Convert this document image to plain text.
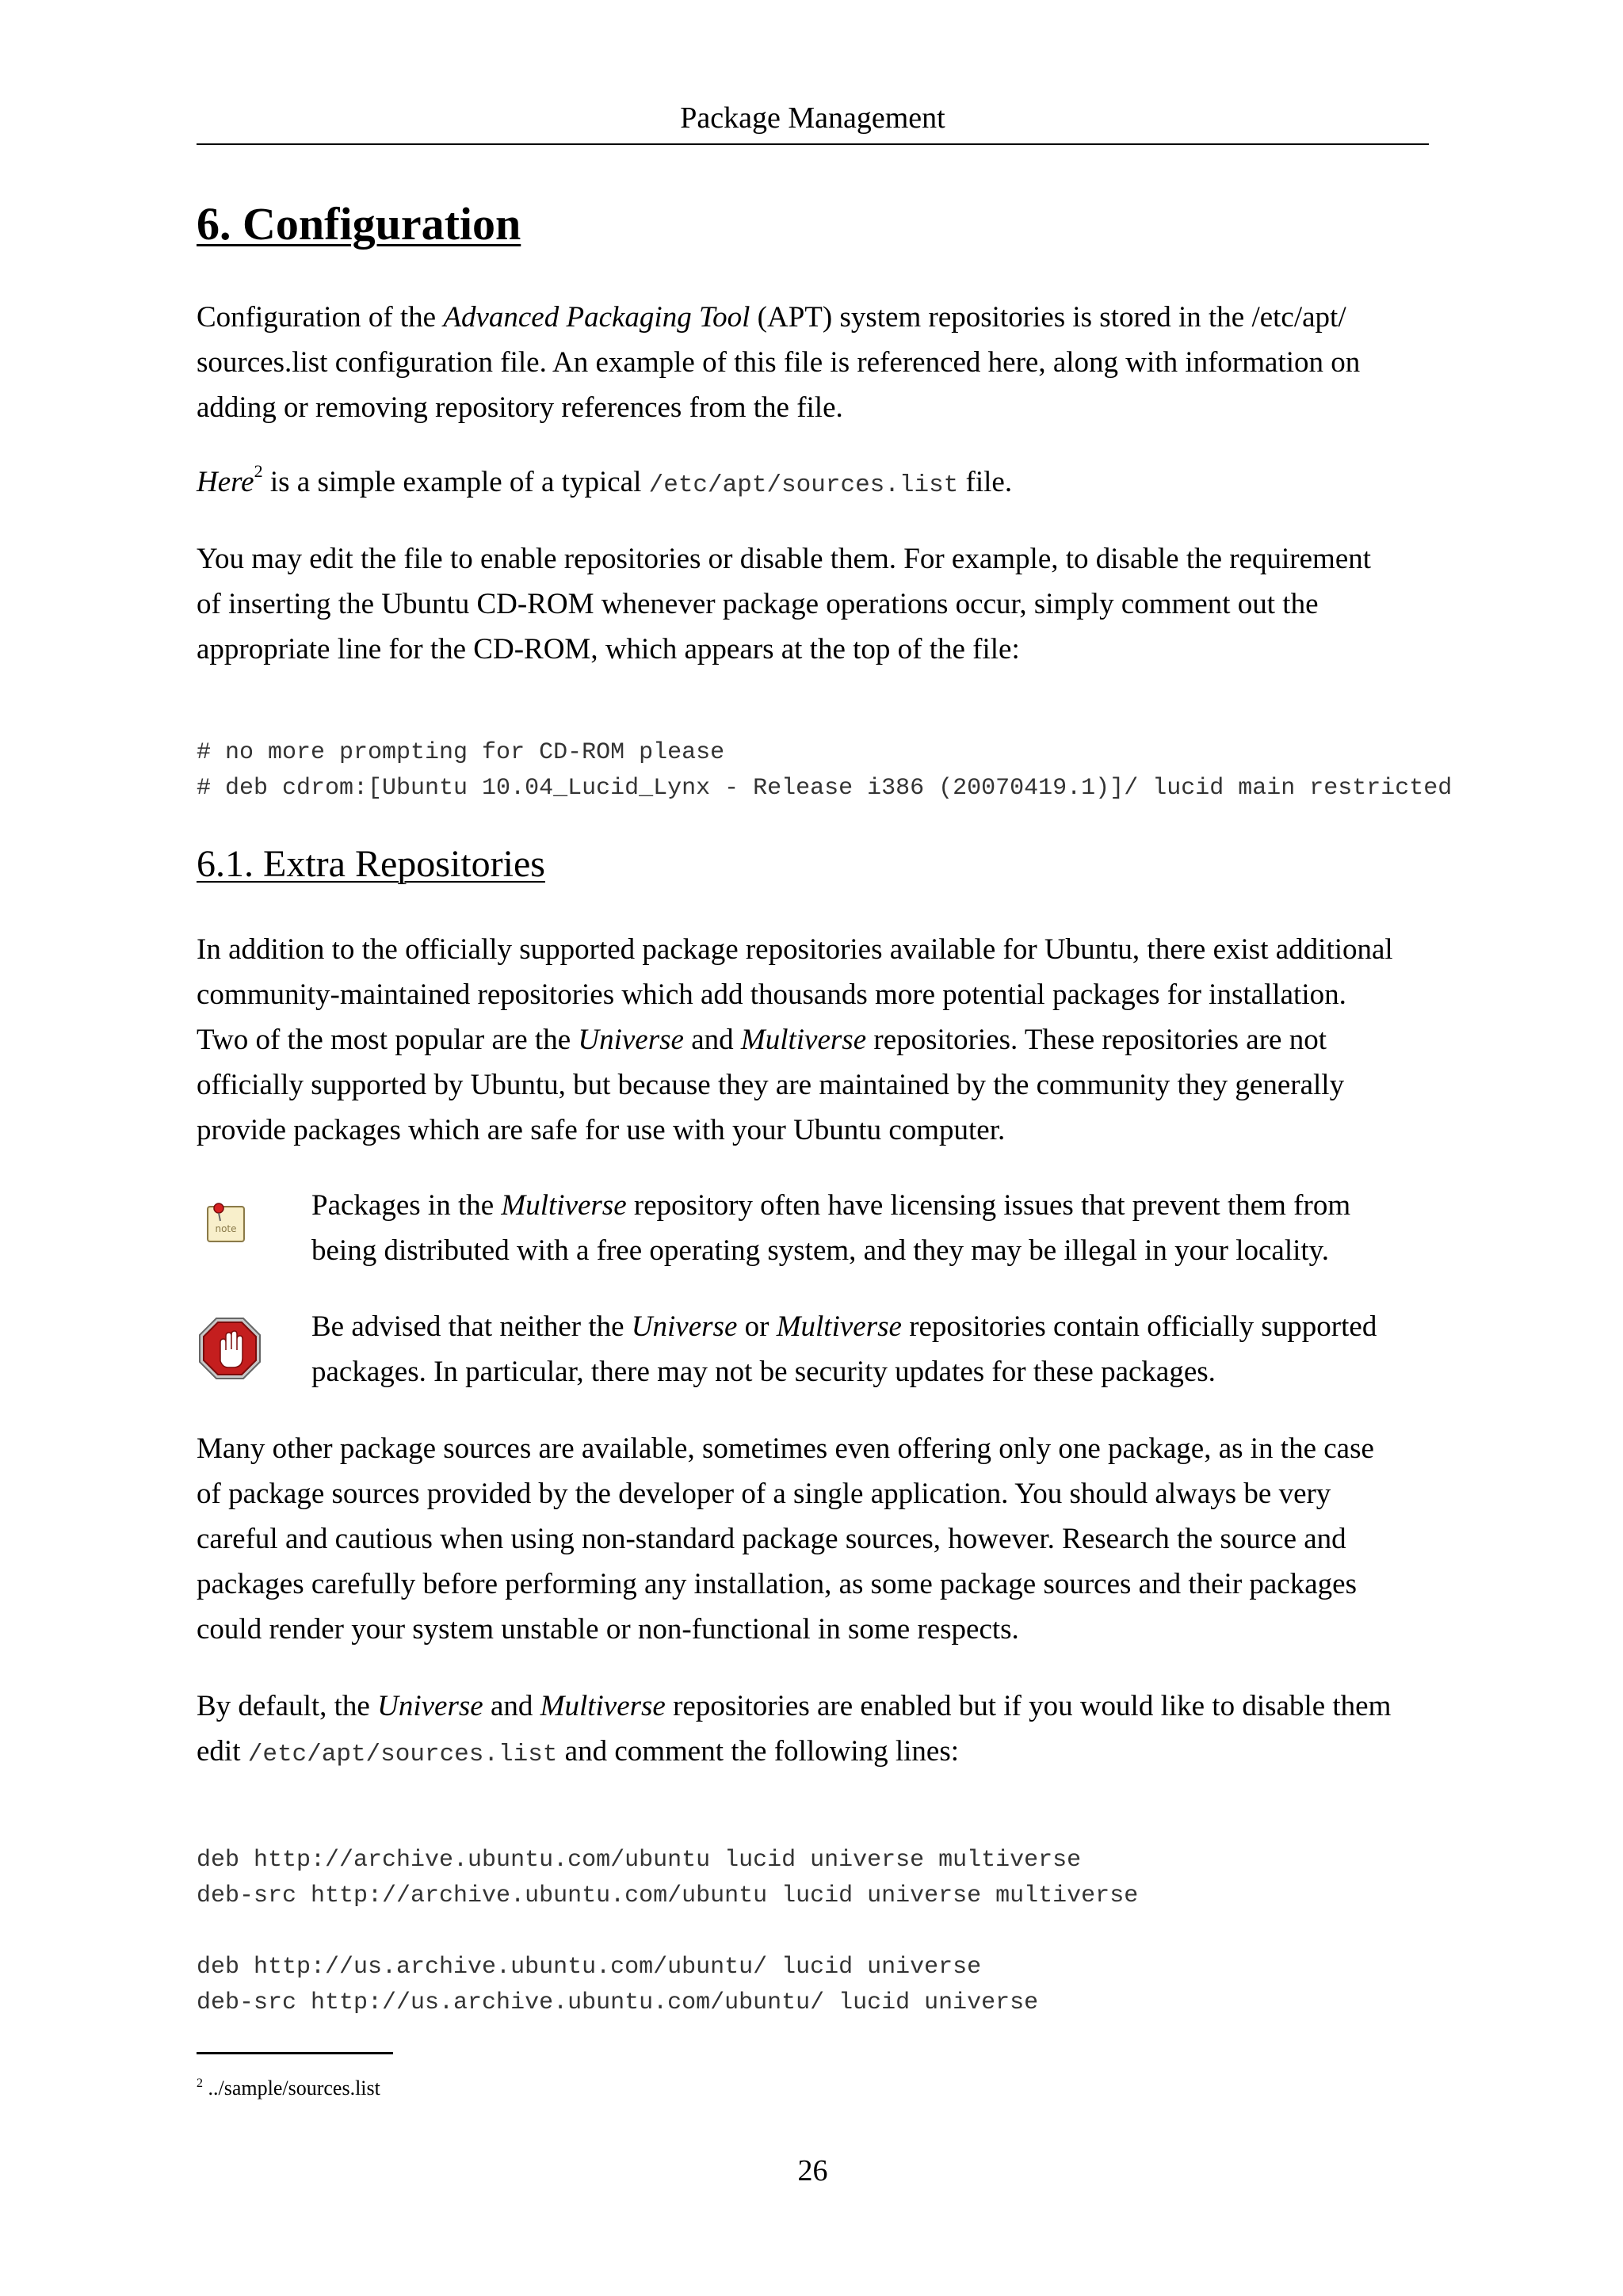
Package Management
6. Configuration

Configuration of the Advanced Packaging Tool (APT) system repositories is stored in the /etc/apt/
sources.list configuration file. An example of this file is referenced here, along with information on
adding or removing repository references from the file.

Here$^2$ is a simple example of a typical /etc/apt/sources.list file.

You may edit the file to enable repositories or disable them. For example, to disable the requirement
of inserting the Ubuntu CD-ROM whenever package operations occur, simply comment out the
appropriate line for the CD-ROM, which appears at the top of the file:

# no more prompting for CD-ROM please
# deb cdrom:[Ubuntu 10.04_Lucid_Lynx - Release i386 (20070419.1)]/ lucid main restricted
6.1. Extra Repositories

In addition to the officially supported package repositories available for Ubuntu, there exist additional
community-maintained repositories which add thousands more potential packages for installation.
Two of the most popular are the Universe and Multiverse repositories. These repositories are not
officially supported by Ubuntu, but because they are maintained by the community they generally
provide packages which are safe for use with your Ubuntu computer.

note

Packages in the Multiverse repository often have licensing issues that prevent them from
being distributed with a free operating system, and they may be illegal in your locality.

Be advised that neither the Universe or Multiverse repositories contain officially supported
packages. In particular, there may not be security updates for these packages.

Many other package sources are available, sometimes even offering only one package, as in the case
of package sources provided by the developer of a single application. You should always be very
careful and cautious when using non-standard package sources, however. Research the source and
packages carefully before performing any installation, as some package sources and their packages
could render your system unstable or non-functional in some respects.

By default, the Universe and Multiverse repositories are enabled but if you would like to disable them
edit /etc/apt/sources.list and comment the following lines:

deb http://archive.ubuntu.com/ubuntu lucid universe multiverse
deb-src http://archive.ubuntu.com/ubuntu lucid universe multiverse

deb http://us.archive.ubuntu.com/ubuntu/ lucid universe
deb-src http://us.archive.ubuntu.com/ubuntu/ lucid universe
$^2$ ../sample/sources.list
26
